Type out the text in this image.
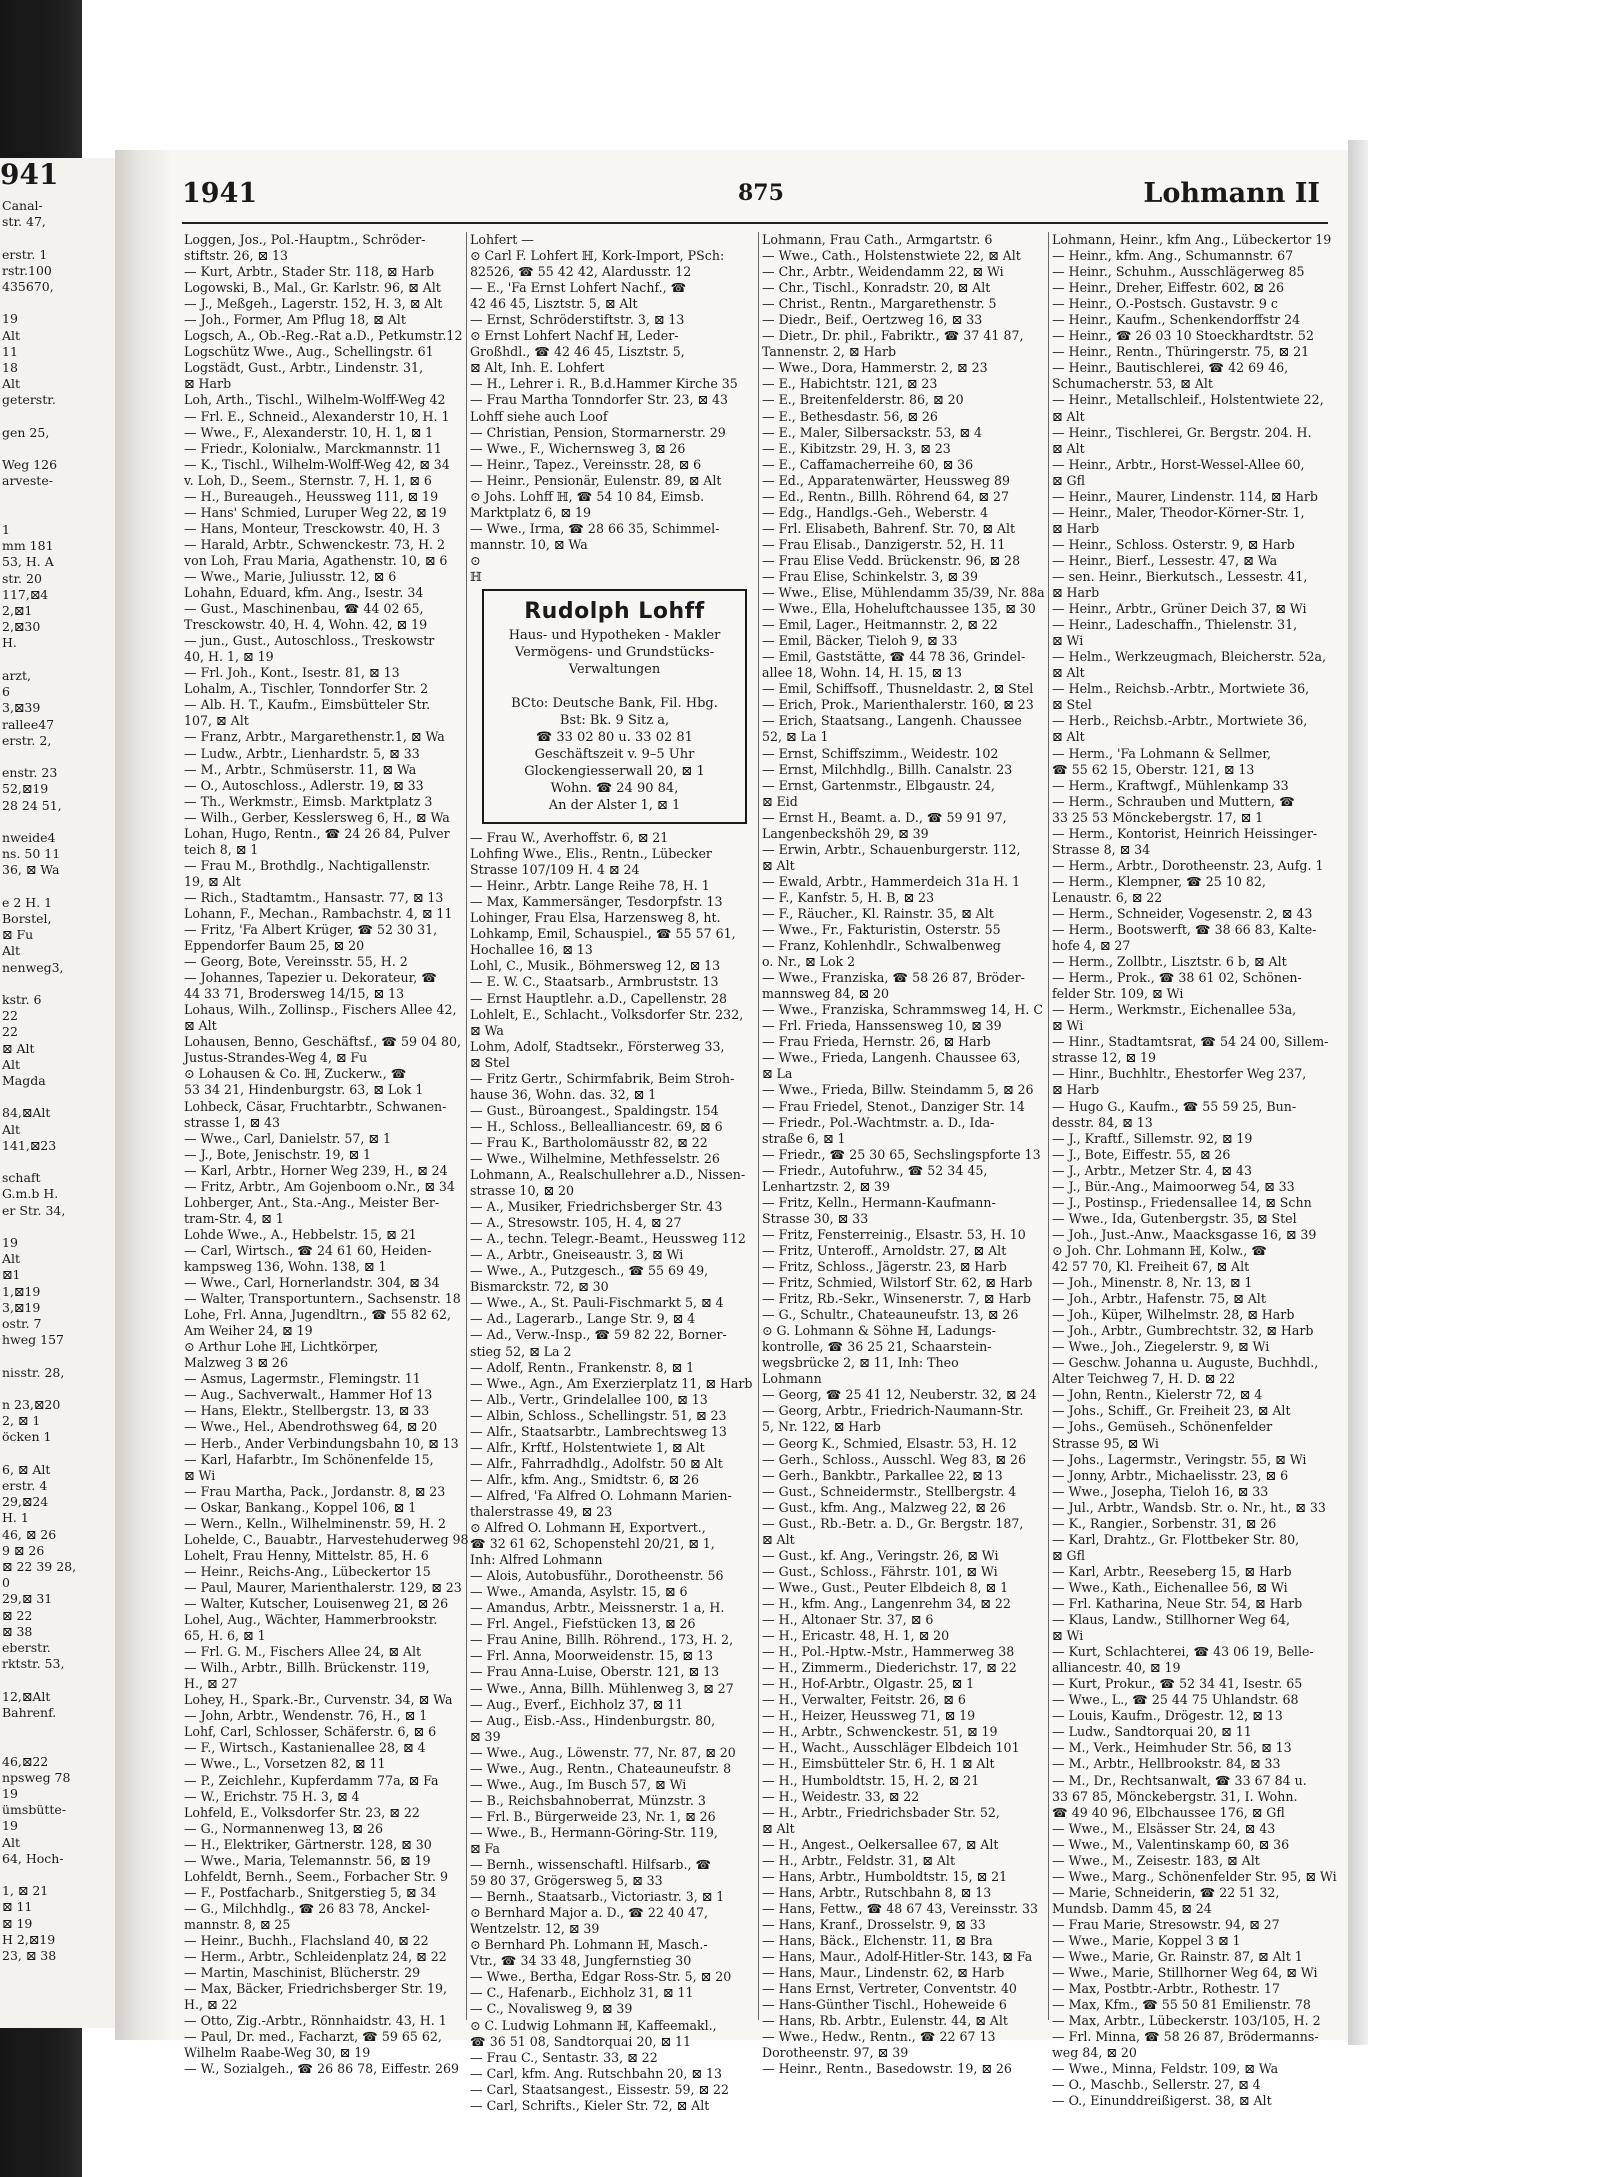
941
Canal-
str. 47,

erstr. 1
rstr.100
435670,

19
Alt
11
18
Alt
geterstr.

gen 25,

Weg 126
arveste-

1
mm 181
53, H. A
str. 20
117,⊠4
2,⊠1
2,⊠30
H.

arzt,
6
3,⊠39
rallee47
erstr. 2,

enstr. 23
52,⊠19
28 24 51,

nweide4
ns. 50 11
36, ⊠ Wa

e 2 H. 1
Borstel,
⊠ Fu
Alt
nenweg3,

kstr. 6
22
22
⊠ Alt
Alt
Magda

84,⊠Alt
Alt
141,⊠23

schaft
G.m.b H.
er Str. 34,

19
Alt
⊠1
1,⊠19
3,⊠19
ostr. 7
hweg 157

nisstr. 28,

n 23,⊠20
2, ⊠ 1
öcken 1

6, ⊠ Alt
erstr. 4
29,⊠24
H. 1
46, ⊠ 26
9 ⊠ 26
⊠ 22 39 28,
0
29,⊠ 31
⊠ 22
⊠ 38
eberstr.
rktstr. 53,

12,⊠Alt
Bahrenf.

46,⊠22
npsweg 78
19
ümsbütte-
19
Alt
64, Hoch-

1, ⊠ 21
⊠ 11
⊠ 19
H 2,⊠19
23, ⊠ 38
1941	875	Lohmann II
Loggen, Jos., Pol.-Hauptm., Schröder-
stiftstr. 26, ⊠ 13
— Kurt, Arbtr., Stader Str. 118, ⊠ Harb
Logowski, B., Mal., Gr. Karlstr. 96, ⊠ Alt
— J., Meßgeh., Lagerstr. 152, H. 3, ⊠ Alt
— Joh., Former, Am Pflug 18, ⊠ Alt
Logsch, A., Ob.-Reg.-Rat a.D., Petkumstr.12
Logschütz Wwe., Aug., Schellingstr. 61
Logstädt, Gust., Arbtr., Lindenstr. 31,
⊠ Harb
Loh, Arth., Tischl., Wilhelm-Wolff-Weg 42
— Frl. E., Schneid., Alexanderstr 10, H. 1
— Wwe., F., Alexanderstr. 10, H. 1, ⊠ 1
— Friedr., Kolonialw., Marckmannstr. 11
— K., Tischl., Wilhelm-Wolff-Weg 42, ⊠ 34
v. Loh, D., Seem., Sternstr. 7, H. 1, ⊠ 6
— H., Bureaugeh., Heussweg 111, ⊠ 19
— Hans' Schmied, Luruper Weg 22, ⊠ 19
— Hans, Monteur, Tresckowstr. 40, H. 3
— Harald, Arbtr., Schwenckestr. 73, H. 2
von Loh, Frau Maria, Agathenstr. 10, ⊠ 6
— Wwe., Marie, Juliusstr. 12, ⊠ 6
Lohahn, Eduard, kfm. Ang., Isestr. 34
— Gust., Maschinenbau, ☎ 44 02 65,
Tresckowstr. 40, H. 4, Wohn. 42, ⊠ 19
— jun., Gust., Autoschloss., Treskowstr
40, H. 1, ⊠ 19
— Frl. Joh., Kont., Isestr. 81, ⊠ 13
Lohalm, A., Tischler, Tonndorfer Str. 2
— Alb. H. T., Kaufm., Eimsbütteler Str.
107, ⊠ Alt
— Franz, Arbtr., Margarethenstr.1, ⊠ Wa
— Ludw., Arbtr., Lienhardstr. 5, ⊠ 33
— M., Arbtr., Schmüserstr. 11, ⊠ Wa
— O., Autoschloss., Adlerstr. 19, ⊠ 33
— Th., Werkmstr., Eimsb. Marktplatz 3
— Wilh., Gerber, Kesslersweg 6, H., ⊠ Wa
Lohan, Hugo, Rentn., ☎ 24 26 84, Pulver
teich 8, ⊠ 1
— Frau M., Brothdlg., Nachtigallenstr.
19, ⊠ Alt
— Rich., Stadtamtm., Hansastr. 77, ⊠ 13
Lohann, F., Mechan., Rambachstr. 4, ⊠ 11
— Fritz, 'Fa Albert Krüger, ☎ 52 30 31,
Eppendorfer Baum 25, ⊠ 20
— Georg, Bote, Vereinsstr. 55, H. 2
— Johannes, Tapezier u. Dekorateur, ☎
44 33 71, Brodersweg 14/15, ⊠ 13
Lohaus, Wilh., Zollinsp., Fischers Allee 42,
⊠ Alt
Lohausen, Benno, Geschäftsf., ☎ 59 04 80,
Justus-Strandes-Weg 4, ⊠ Fu
⊙ Lohausen & Co. ℍ, Zuckerw., ☎
53 34 21, Hindenburgstr. 63, ⊠ Lok 1
Lohbeck, Cäsar, Fruchtarbtr., Schwanen-
strasse 1, ⊠ 43
— Wwe., Carl, Danielstr. 57, ⊠ 1
— J., Bote, Jenischstr. 19, ⊠ 1
— Karl, Arbtr., Horner Weg 239, H., ⊠ 24
— Fritz, Arbtr., Am Gojenboom o.Nr., ⊠ 34
Lohberger, Ant., Sta.-Ang., Meister Ber-
tram-Str. 4, ⊠ 1
Lohde Wwe., A., Hebbelstr. 15, ⊠ 21
— Carl, Wirtsch., ☎ 24 61 60, Heiden-
kampsweg 136, Wohn. 138, ⊠ 1
— Wwe., Carl, Hornerlandstr. 304, ⊠ 34
— Walter, Transportuntern., Sachsenstr. 18
Lohe, Frl. Anna, Jugendltrn., ☎ 55 82 62,
Am Weiher 24, ⊠ 19
⊙ Arthur Lohe ℍ, Lichtkörper,
Malzweg 3 ⊠ 26
— Asmus, Lagermstr., Flemingstr. 11
— Aug., Sachverwalt., Hammer Hof 13
— Hans, Elektr., Stellbergstr. 13, ⊠ 33
— Wwe., Hel., Abendrothsweg 64, ⊠ 20
— Herb., Ander Verbindungsbahn 10, ⊠ 13
— Karl, Hafarbtr., Im Schönenfelde 15,
⊠ Wi
— Frau Martha, Pack., Jordanstr. 8, ⊠ 23
— Oskar, Bankang., Koppel 106, ⊠ 1
— Wern., Kelln., Wilhelminenstr. 59, H. 2
Lohelde, C., Bauabtr., Harvestehuderweg 98
Lohelt, Frau Henny, Mittelstr. 85, H. 6
— Heinr., Reichs-Ang., Lübeckertor 15
— Paul, Maurer, Marienthalerstr. 129, ⊠ 23
— Walter, Kutscher, Louisenweg 21, ⊠ 26
Lohel, Aug., Wächter, Hammerbrookstr.
65, H. 6, ⊠ 1
— Frl. G. M., Fischers Allee 24, ⊠ Alt
— Wilh., Arbtr., Billh. Brückenstr. 119,
H., ⊠ 27
Lohey, H., Spark.-Br., Curvenstr. 34, ⊠ Wa
— John, Arbtr., Wendenstr. 76, H., ⊠ 1
Lohf, Carl, Schlosser, Schäferstr. 6, ⊠ 6
— F., Wirtsch., Kastanienallee 28, ⊠ 4
— Wwe., L., Vorsetzen 82, ⊠ 11
— P., Zeichlehr., Kupferdamm 77a, ⊠ Fa
— W., Erichstr. 75 H. 3, ⊠ 4
Lohfeld, E., Volksdorfer Str. 23, ⊠ 22
— G., Normannenweg 13, ⊠ 26
— H., Elektriker, Gärtnerstr. 128, ⊠ 30
— Wwe., Maria, Telemannstr. 56, ⊠ 19
Lohfeldt, Bernh., Seem., Forbacher Str. 9
— F., Postfacharb., Snitgerstieg 5, ⊠ 34
— G., Milchhdlg., ☎ 26 83 78, Anckel-
mannstr. 8, ⊠ 25
— Heinr., Buchh., Flachsland 40, ⊠ 22
— Herm., Arbtr., Schleidenplatz 24, ⊠ 22
— Martin, Maschinist, Blücherstr. 29
— Max, Bäcker, Friedrichsberger Str. 19,
H., ⊠ 22
— Otto, Zig.-Arbtr., Rönnhaidstr. 43, H. 1
— Paul, Dr. med., Facharzt, ☎ 59 65 62,
Wilhelm Raabe-Weg 30, ⊠ 19
— W., Sozialgeh., ☎ 26 86 78, Eiffestr. 269
Lohfert —
⊙ Carl F. Lohfert ℍ, Kork-Import, PSch:
82526, ☎ 55 42 42, Alardusstr. 12
— E., 'Fa Ernst Lohfert Nachf., ☎
42 46 45, Lisztstr. 5, ⊠ Alt
— Ernst, Schröderstiftstr. 3, ⊠ 13
⊙ Ernst Lohfert Nachf ℍ, Leder-
Großhdl., ☎ 42 46 45, Lisztstr. 5,
⊠ Alt, Inh. E. Lohfert
— H., Lehrer i. R., B.d.Hammer Kirche 35
— Frau Martha Tonndorfer Str. 23, ⊠ 43
Lohff siehe auch Loof
— Christian, Pension, Stormarnerstr. 29
— Wwe., F., Wichernsweg 3, ⊠ 26
— Heinr., Tapez., Vereinsstr. 28, ⊠ 6
— Heinr., Pensionär, Eulenstr. 89, ⊠ Alt
⊙ Johs. Lohff ℍ, ☎ 54 10 84, Eimsb.
Marktplatz 6, ⊠ 19
— Wwe., Irma, ☎ 28 66 35, Schimmel-
mannstr. 10, ⊠ Wa
⊙
ℍ
Rudolph Lohff
Haus- und Hypotheken - Makler
Vermögens- und Grundstücks-
Verwaltungen

BCto: Deutsche Bank, Fil. Hbg.
Bst: Bk. 9 Sitz a,
☎ 33 02 80 u. 33 02 81
Geschäftszeit v. 9–5 Uhr
Glockengiesserwall 20, ⊠ 1
Wohn. ☎ 24 90 84,
An der Alster 1, ⊠ 1
— Frau W., Averhoffstr. 6, ⊠ 21
Lohfing Wwe., Elis., Rentn., Lübecker
Strasse 107/109 H. 4 ⊠ 24
— Heinr., Arbtr. Lange Reihe 78, H. 1
— Max, Kammersänger, Tesdorpfstr. 13
Lohinger, Frau Elsa, Harzensweg 8, ht.
Lohkamp, Emil, Schauspiel., ☎ 55 57 61,
Hochallee 16, ⊠ 13
Lohl, C., Musik., Böhmersweg 12, ⊠ 13
— E. W. C., Staatsarb., Armbruststr. 13
— Ernst Hauptlehr. a.D., Capellenstr. 28
Lohlelt, E., Schlacht., Volksdorfer Str. 232,
⊠ Wa
Lohm, Adolf, Stadtsekr., Försterweg 33,
⊠ Stel
— Fritz Gertr., Schirmfabrik, Beim Stroh-
hause 36, Wohn. das. 32, ⊠ 1
— Gust., Büroangest., Spaldingstr. 154
— H., Schloss., Bellealliancestr. 69, ⊠ 6
— Frau K., Bartholomäusstr 82, ⊠ 22
— Wwe., Wilhelmine, Methfesselstr. 26
Lohmann, A., Realschullehrer a.D., Nissen-
strasse 10, ⊠ 20
— A., Musiker, Friedrichsberger Str. 43
— A., Stresowstr. 105, H. 4, ⊠ 27
— A., techn. Telegr.-Beamt., Heussweg 112
— A., Arbtr., Gneiseaustr. 3, ⊠ Wi
— Wwe., A., Putzgesch., ☎ 55 69 49,
Bismarckstr. 72, ⊠ 30
— Wwe., A., St. Pauli-Fischmarkt 5, ⊠ 4
— Ad., Lagerarb., Lange Str. 9, ⊠ 4
— Ad., Verw.-Insp., ☎ 59 82 22, Borner-
stieg 52, ⊠ La 2
— Adolf, Rentn., Frankenstr. 8, ⊠ 1
— Wwe., Agn., Am Exerzierplatz 11, ⊠ Harb
— Alb., Vertr., Grindelallee 100, ⊠ 13
— Albin, Schloss., Schellingstr. 51, ⊠ 23
— Alfr., Staatsarbtr., Lambrechtsweg 13
— Alfr., Krftf., Holstentwiete 1, ⊠ Alt
— Alfr., Fahrradhdlg., Adolfstr. 50 ⊠ Alt
— Alfr., kfm. Ang., Smidtstr. 6, ⊠ 26
— Alfred, 'Fa Alfred O. Lohmann Marien-
thalerstrasse 49, ⊠ 23
⊙ Alfred O. Lohmann ℍ, Exportvert.,
☎ 32 61 62, Schopenstehl 20/21, ⊠ 1,
Inh: Alfred Lohmann
— Alois, Autobusführ., Dorotheenstr. 56
— Wwe., Amanda, Asylstr. 15, ⊠ 6
— Amandus, Arbtr., Meissnerstr. 1 a, H.
— Frl. Angel., Fiefstücken 13, ⊠ 26
— Frau Anine, Billh. Röhrend., 173, H. 2,
— Frl. Anna, Moorweidenstr. 15, ⊠ 13
— Frau Anna-Luise, Oberstr. 121, ⊠ 13
— Wwe., Anna, Billh. Mühlenweg 3, ⊠ 27
— Aug., Everf., Eichholz 37, ⊠ 11
— Aug., Eisb.-Ass., Hindenburgstr. 80,
⊠ 39
— Wwe., Aug., Löwenstr. 77, Nr. 87, ⊠ 20
— Wwe., Aug., Rentn., Chateauneufstr. 8
— Wwe., Aug., Im Busch 57, ⊠ Wi
— B., Reichsbahnoberrat, Münzstr. 3
— Frl. B., Bürgerweide 23, Nr. 1, ⊠ 26
— Wwe., B., Hermann-Göring-Str. 119,
⊠ Fa
— Bernh., wissenschaftl. Hilfsarb., ☎
59 80 37, Grögersweg 5, ⊠ 33
— Bernh., Staatsarb., Victoriastr. 3, ⊠ 1
⊙ Bernhard Major a. D., ☎ 22 40 47,
Wentzelstr. 12, ⊠ 39
⊙ Bernhard Ph. Lohmann ℍ, Masch.-
Vtr., ☎ 34 33 48, Jungfernstieg 30
— Wwe., Bertha, Edgar Ross-Str. 5, ⊠ 20
— C., Hafenarb., Eichholz 31, ⊠ 11
— C., Novalisweg 9, ⊠ 39
⊙ C. Ludwig Lohmann ℍ, Kaffeemakl.,
☎ 36 51 08, Sandtorquai 20, ⊠ 11
— Frau C., Sentastr. 33, ⊠ 22
— Carl, kfm. Ang. Rutschbahn 20, ⊠ 13
— Carl, Staatsangest., Eissestr. 59, ⊠ 22
— Carl, Schrifts., Kieler Str. 72, ⊠ Alt
Lohmann, Frau Cath., Armgartstr. 6
— Wwe., Cath., Holstenstwiete 22, ⊠ Alt
— Chr., Arbtr., Weidendamm 22, ⊠ Wi
— Chr., Tischl., Konradstr. 20, ⊠ Alt
— Christ., Rentn., Margarethenstr. 5
— Diedr., Beif., Oertzweg 16, ⊠ 33
— Dietr., Dr. phil., Fabriktr., ☎ 37 41 87,
Tannenstr. 2, ⊠ Harb
— Wwe., Dora, Hammerstr. 2, ⊠ 23
— E., Habichtstr. 121, ⊠ 23
— E., Breitenfelderstr. 86, ⊠ 20
— E., Bethesdastr. 56, ⊠ 26
— E., Maler, Silbersackstr. 53, ⊠ 4
— E., Kibitzstr. 29, H. 3, ⊠ 23
— E., Caffamacherreihe 60, ⊠ 36
— Ed., Apparatenwärter, Heussweg 89
— Ed., Rentn., Billh. Röhrend 64, ⊠ 27
— Edg., Handlgs.-Geh., Weberstr. 4
— Frl. Elisabeth, Bahrenf. Str. 70, ⊠ Alt
— Frau Elisab., Danzigerstr. 52, H. 11
— Frau Elise Vedd. Brückenstr. 96, ⊠ 28
— Frau Elise, Schinkelstr. 3, ⊠ 39
— Wwe., Elise, Mühlendamm 35/39, Nr. 88a
— Wwe., Ella, Hoheluftchaussee 135, ⊠ 30
— Emil, Lager., Heitmannstr. 2, ⊠ 22
— Emil, Bäcker, Tieloh 9, ⊠ 33
— Emil, Gaststätte, ☎ 44 78 36, Grindel-
allee 18, Wohn. 14, H. 15, ⊠ 13
— Emil, Schiffsoff., Thusneldastr. 2, ⊠ Stel
— Erich, Prok., Marienthalerstr. 160, ⊠ 23
— Erich, Staatsang., Langenh. Chaussee
52, ⊠ La 1
— Ernst, Schiffszimm., Weidestr. 102
— Ernst, Milchhdlg., Billh. Canalstr. 23
— Ernst, Gartenmstr., Elbgaustr. 24,
⊠ Eid
— Ernst H., Beamt. a. D., ☎ 59 91 97,
Langenbeckshöh 29, ⊠ 39
— Erwin, Arbtr., Schauenburgerstr. 112,
⊠ Alt
— Ewald, Arbtr., Hammerdeich 31a H. 1
— F., Kanfstr. 5, H. B, ⊠ 23
— F., Räucher., Kl. Rainstr. 35, ⊠ Alt
— Wwe., Fr., Fakturistin, Osterstr. 55
— Franz, Kohlenhdlr., Schwalbenweg
o. Nr., ⊠ Lok 2
— Wwe., Franziska, ☎ 58 26 87, Bröder-
mannsweg 84, ⊠ 20
— Wwe., Franziska, Schrammsweg 14, H. C
— Frl. Frieda, Hanssensweg 10, ⊠ 39
— Frau Frieda, Hernstr. 26, ⊠ Harb
— Wwe., Frieda, Langenh. Chaussee 63,
⊠ La
— Wwe., Frieda, Billw. Steindamm 5, ⊠ 26
— Frau Friedel, Stenot., Danziger Str. 14
— Friedr., Pol.-Wachtmstr. a. D., Ida-
straße 6, ⊠ 1
— Friedr., ☎ 25 30 65, Sechslingspforte 13
— Friedr., Autofuhrw., ☎ 52 34 45,
Lenhartzstr. 2, ⊠ 39
— Fritz, Kelln., Hermann-Kaufmann-
Strasse 30, ⊠ 33
— Fritz, Fensterreinig., Elsastr. 53, H. 10
— Fritz, Unteroff., Arnoldstr. 27, ⊠ Alt
— Fritz, Schloss., Jägerstr. 23, ⊠ Harb
— Fritz, Schmied, Wilstorf Str. 62, ⊠ Harb
— Fritz, Rb.-Sekr., Winsenerstr. 7, ⊠ Harb
— G., Schultr., Chateauneufstr. 13, ⊠ 26
⊙ G. Lohmann & Söhne ℍ, Ladungs-
kontrolle, ☎ 36 25 21, Schaarstein-
wegsbrücke 2, ⊠ 11, Inh: Theo
Lohmann
— Georg, ☎ 25 41 12, Neuberstr. 32, ⊠ 24
— Georg, Arbtr., Friedrich-Naumann-Str.
5, Nr. 122, ⊠ Harb
— Georg K., Schmied, Elsastr. 53, H. 12
— Gerh., Schloss., Ausschl. Weg 83, ⊠ 26
— Gerh., Bankbtr., Parkallee 22, ⊠ 13
— Gust., Schneidermstr., Stellbergstr. 4
— Gust., kfm. Ang., Malzweg 22, ⊠ 26
— Gust., Rb.-Betr. a. D., Gr. Bergstr. 187,
⊠ Alt
— Gust., kf. Ang., Veringstr. 26, ⊠ Wi
— Gust., Schloss., Fährstr. 101, ⊠ Wi
— Wwe., Gust., Peuter Elbdeich 8, ⊠ 1
— H., kfm. Ang., Langenrehm 34, ⊠ 22
— H., Altonaer Str. 37, ⊠ 6
— H., Ericastr. 48, H. 1, ⊠ 20
— H., Pol.-Hptw.-Mstr., Hammerweg 38
— H., Zimmerm., Diederichstr. 17, ⊠ 22
— H., Hof-Arbtr., Olgastr. 25, ⊠ 1
— H., Verwalter, Feitstr. 26, ⊠ 6
— H., Heizer, Heussweg 71, ⊠ 19
— H., Arbtr., Schwenckestr. 51, ⊠ 19
— H., Wacht., Ausschläger Elbdeich 101
— H., Eimsbütteler Str. 6, H. 1 ⊠ Alt
— H., Humboldtstr. 15, H. 2, ⊠ 21
— H., Weidestr. 33, ⊠ 22
— H., Arbtr., Friedrichsbader Str. 52,
⊠ Alt
— H., Angest., Oelkersallee 67, ⊠ Alt
— H., Arbtr., Feldstr. 31, ⊠ Alt
— Hans, Arbtr., Humboldtstr. 15, ⊠ 21
— Hans, Arbtr., Rutschbahn 8, ⊠ 13
— Hans, Fettw., ☎ 48 67 43, Vereinsstr. 33
— Hans, Kranf., Drosselstr. 9, ⊠ 33
— Hans, Bäck., Elchenstr. 11, ⊠ Bra
— Hans, Maur., Adolf-Hitler-Str. 143, ⊠ Fa
— Hans, Maur., Lindenstr. 62, ⊠ Harb
— Hans Ernst, Vertreter, Conventstr. 40
— Hans-Günther Tischl., Hoheweide 6
— Hans, Rb. Arbtr., Eulenstr. 44, ⊠ Alt
— Wwe., Hedw., Rentn., ☎ 22 67 13
Dorotheenstr. 97, ⊠ 39
— Heinr., Rentn., Basedowstr. 19, ⊠ 26
Lohmann, Heinr., kfm Ang., Lübeckertor 19
— Heinr., kfm. Ang., Schumannstr. 67
— Heinr., Schuhm., Ausschlägerweg 85
— Heinr., Dreher, Eiffestr. 602, ⊠ 26
— Heinr., O.-Postsch. Gustavstr. 9 c
— Heinr., Kaufm., Schenkendorffstr 24
— Heinr., ☎ 26 03 10 Stoeckhardtstr. 52
— Heinr., Rentn., Thüringerstr. 75, ⊠ 21
— Heinr., Bautischlerei, ☎ 42 69 46,
Schumacherstr. 53, ⊠ Alt
— Heinr., Metallschleif., Holstentwiete 22,
⊠ Alt
— Heinr., Tischlerei, Gr. Bergstr. 204. H.
⊠ Alt
— Heinr., Arbtr., Horst-Wessel-Allee 60,
⊠ Gfl
— Heinr., Maurer, Lindenstr. 114, ⊠ Harb
— Heinr., Maler, Theodor-Körner-Str. 1,
⊠ Harb
— Heinr., Schloss. Osterstr. 9, ⊠ Harb
— Heinr., Bierf., Lessestr. 47, ⊠ Wa
— sen. Heinr., Bierkutsch., Lessestr. 41,
⊠ Harb
— Heinr., Arbtr., Grüner Deich 37, ⊠ Wi
— Heinr., Ladeschaffn., Thielenstr. 31,
⊠ Wi
— Helm., Werkzeugmach, Bleicherstr. 52a,
⊠ Alt
— Helm., Reichsb.-Arbtr., Mortwiete 36,
⊠ Stel
— Herb., Reichsb.-Arbtr., Mortwiete 36,
⊠ Alt
— Herm., 'Fa Lohmann & Sellmer,
☎ 55 62 15, Oberstr. 121, ⊠ 13
— Herm., Kraftwgf., Mühlenkamp 33
— Herm., Schrauben und Muttern, ☎
33 25 53 Mönckebergstr. 17, ⊠ 1
— Herm., Kontorist, Heinrich Heissinger-
Strasse 8, ⊠ 34
— Herm., Arbtr., Dorotheenstr. 23, Aufg. 1
— Herm., Klempner, ☎ 25 10 82,
Lenaustr. 6, ⊠ 22
— Herm., Schneider, Vogesenstr. 2, ⊠ 43
— Herm., Bootswerft, ☎ 38 66 83, Kalte-
hofe 4, ⊠ 27
— Herm., Zollbtr., Lisztstr. 6 b, ⊠ Alt
— Herm., Prok., ☎ 38 61 02, Schönen-
felder Str. 109, ⊠ Wi
— Herm., Werkmstr., Eichenallee 53a,
⊠ Wi
— Hinr., Stadtamtsrat, ☎ 54 24 00, Sillem-
strasse 12, ⊠ 19
— Hinr., Buchhltr., Ehestorfer Weg 237,
⊠ Harb
— Hugo G., Kaufm., ☎ 55 59 25, Bun-
desstr. 84, ⊠ 13
— J., Kraftf., Sillemstr. 92, ⊠ 19
— J., Bote, Eiffestr. 55, ⊠ 26
— J., Arbtr., Metzer Str. 4, ⊠ 43
— J., Bür.-Ang., Maimoorweg 54, ⊠ 33
— J., Postinsp., Friedensallee 14, ⊠ Schn
— Wwe., Ida, Gutenbergstr. 35, ⊠ Stel
— Joh., Just.-Anw., Maacksgasse 16, ⊠ 39
⊙ Joh. Chr. Lohmann ℍ, Kolw., ☎
42 57 70, Kl. Freiheit 67, ⊠ Alt
— Joh., Minenstr. 8, Nr. 13, ⊠ 1
— Joh., Arbtr., Hafenstr. 75, ⊠ Alt
— Joh., Küper, Wilhelmstr. 28, ⊠ Harb
— Joh., Arbtr., Gumbrechtstr. 32, ⊠ Harb
— Wwe., Joh., Ziegelerstr. 9, ⊠ Wi
— Geschw. Johanna u. Auguste, Buchhdl.,
Alter Teichweg 7, H. D. ⊠ 22
— John, Rentn., Kielerstr 72, ⊠ 4
— Johs., Schiff., Gr. Freiheit 23, ⊠ Alt
— Johs., Gemüseh., Schönenfelder
Strasse 95, ⊠ Wi
— Johs., Lagermstr., Veringstr. 55, ⊠ Wi
— Jonny, Arbtr., Michaelisstr. 23, ⊠ 6
— Wwe., Josepha, Tieloh 16, ⊠ 33
— Jul., Arbtr., Wandsb. Str. o. Nr., ht., ⊠ 33
— K., Rangier., Sorbenstr. 31, ⊠ 26
— Karl, Drahtz., Gr. Flottbeker Str. 80,
⊠ Gfl
— Karl, Arbtr., Reeseberg 15, ⊠ Harb
— Wwe., Kath., Eichenallee 56, ⊠ Wi
— Frl. Katharina, Neue Str. 54, ⊠ Harb
— Klaus, Landw., Stillhorner Weg 64,
⊠ Wi
— Kurt, Schlachterei, ☎ 43 06 19, Belle-
alliancestr. 40, ⊠ 19
— Kurt, Prokur., ☎ 52 34 41, Isestr. 65
— Wwe., L., ☎ 25 44 75 Uhlandstr. 68
— Louis, Kaufm., Drögestr. 12, ⊠ 13
— Ludw., Sandtorquai 20, ⊠ 11
— M., Verk., Heimhuder Str. 56, ⊠ 13
— M., Arbtr., Hellbrookstr. 84, ⊠ 33
— M., Dr., Rechtsanwalt, ☎ 33 67 84 u.
33 67 85, Mönckebergstr. 31, I. Wohn.
☎ 49 40 96, Elbchaussee 176, ⊠ Gfl
— Wwe., M., Elsässer Str. 24, ⊠ 43
— Wwe., M., Valentinskamp 60, ⊠ 36
— Wwe., M., Zeisestr. 183, ⊠ Alt
— Wwe., Marg., Schönenfelder Str. 95, ⊠ Wi
— Marie, Schneiderin, ☎ 22 51 32,
Mundsb. Damm 45, ⊠ 24
— Frau Marie, Stresowstr. 94, ⊠ 27
— Wwe., Marie, Koppel 3 ⊠ 1
— Wwe., Marie, Gr. Rainstr. 87, ⊠ Alt 1
— Wwe., Marie, Stillhorner Weg 64, ⊠ Wi
— Max, Postbtr.-Arbtr., Rothestr. 17
— Max, Kfm., ☎ 55 50 81 Emilienstr. 78
— Max, Arbtr., Lübeckerstr. 103/105, H. 2
— Frl. Minna, ☎ 58 26 87, Brödermanns-
weg 84, ⊠ 20
— Wwe., Minna, Feldstr. 109, ⊠ Wa
— O., Maschb., Sellerstr. 27, ⊠ 4
— O., Einunddreißigerst. 38, ⊠ Alt
